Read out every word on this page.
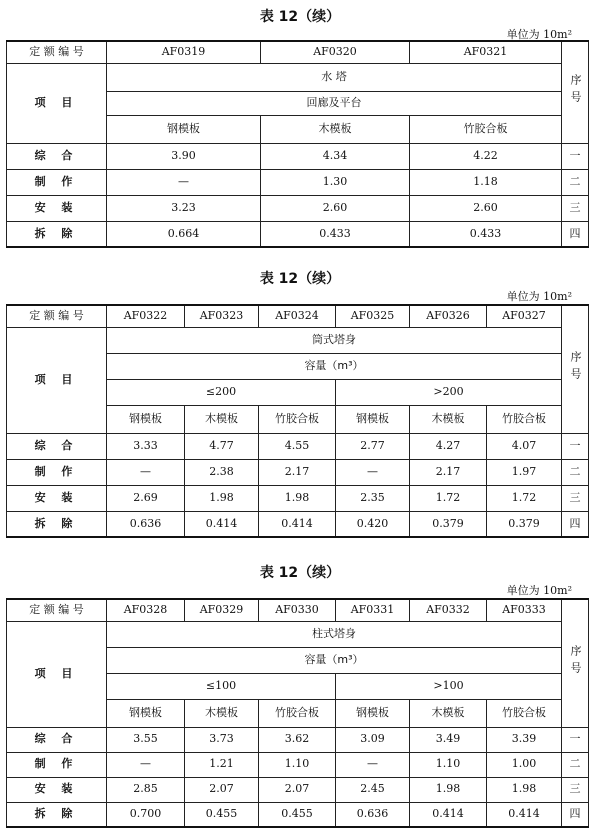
表 12（续）
单位为 10m²
定 额 编 号	AF0319	AF0320	AF0321	序号
项 目	水 塔			
	回廊及平台			
	钢模板	木模板	竹胶合板	
综 合	3.90	4.34	4.22	一
制 作	—	1.30	1.18	二
安 装	3.23	2.60	2.60	三
拆 除	0.664	0.433	0.433	四
表 12（续）
单位为 10m²
定 额 编 号	AF0322	AF0323	AF0324	AF0325	AF0326	AF0327	序号
项 目	筒式塔身						
	容量（m³）						
	≤200			>200			
	钢模板	木模板	竹胶合板	钢模板	木模板	竹胶合板	
综 合	3.33	4.77	4.55	2.77	4.27	4.07	一
制 作	—	2.38	2.17	—	2.17	1.97	二
安 装	2.69	1.98	1.98	2.35	1.72	1.72	三
拆 除	0.636	0.414	0.414	0.420	0.379	0.379	四
表 12（续）
单位为 10m²
定 额 编 号	AF0328	AF0329	AF0330	AF0331	AF0332	AF0333	序号
项 目	柱式塔身						
	容量（m³）						
	≤100			>100			
	钢模板	木模板	竹胶合板	钢模板	木模板	竹胶合板	
综 合	3.55	3.73	3.62	3.09	3.49	3.39	一
制 作	—	1.21	1.10	—	1.10	1.00	二
安 装	2.85	2.07	2.07	2.45	1.98	1.98	三
拆 除	0.700	0.455	0.455	0.636	0.414	0.414	四
